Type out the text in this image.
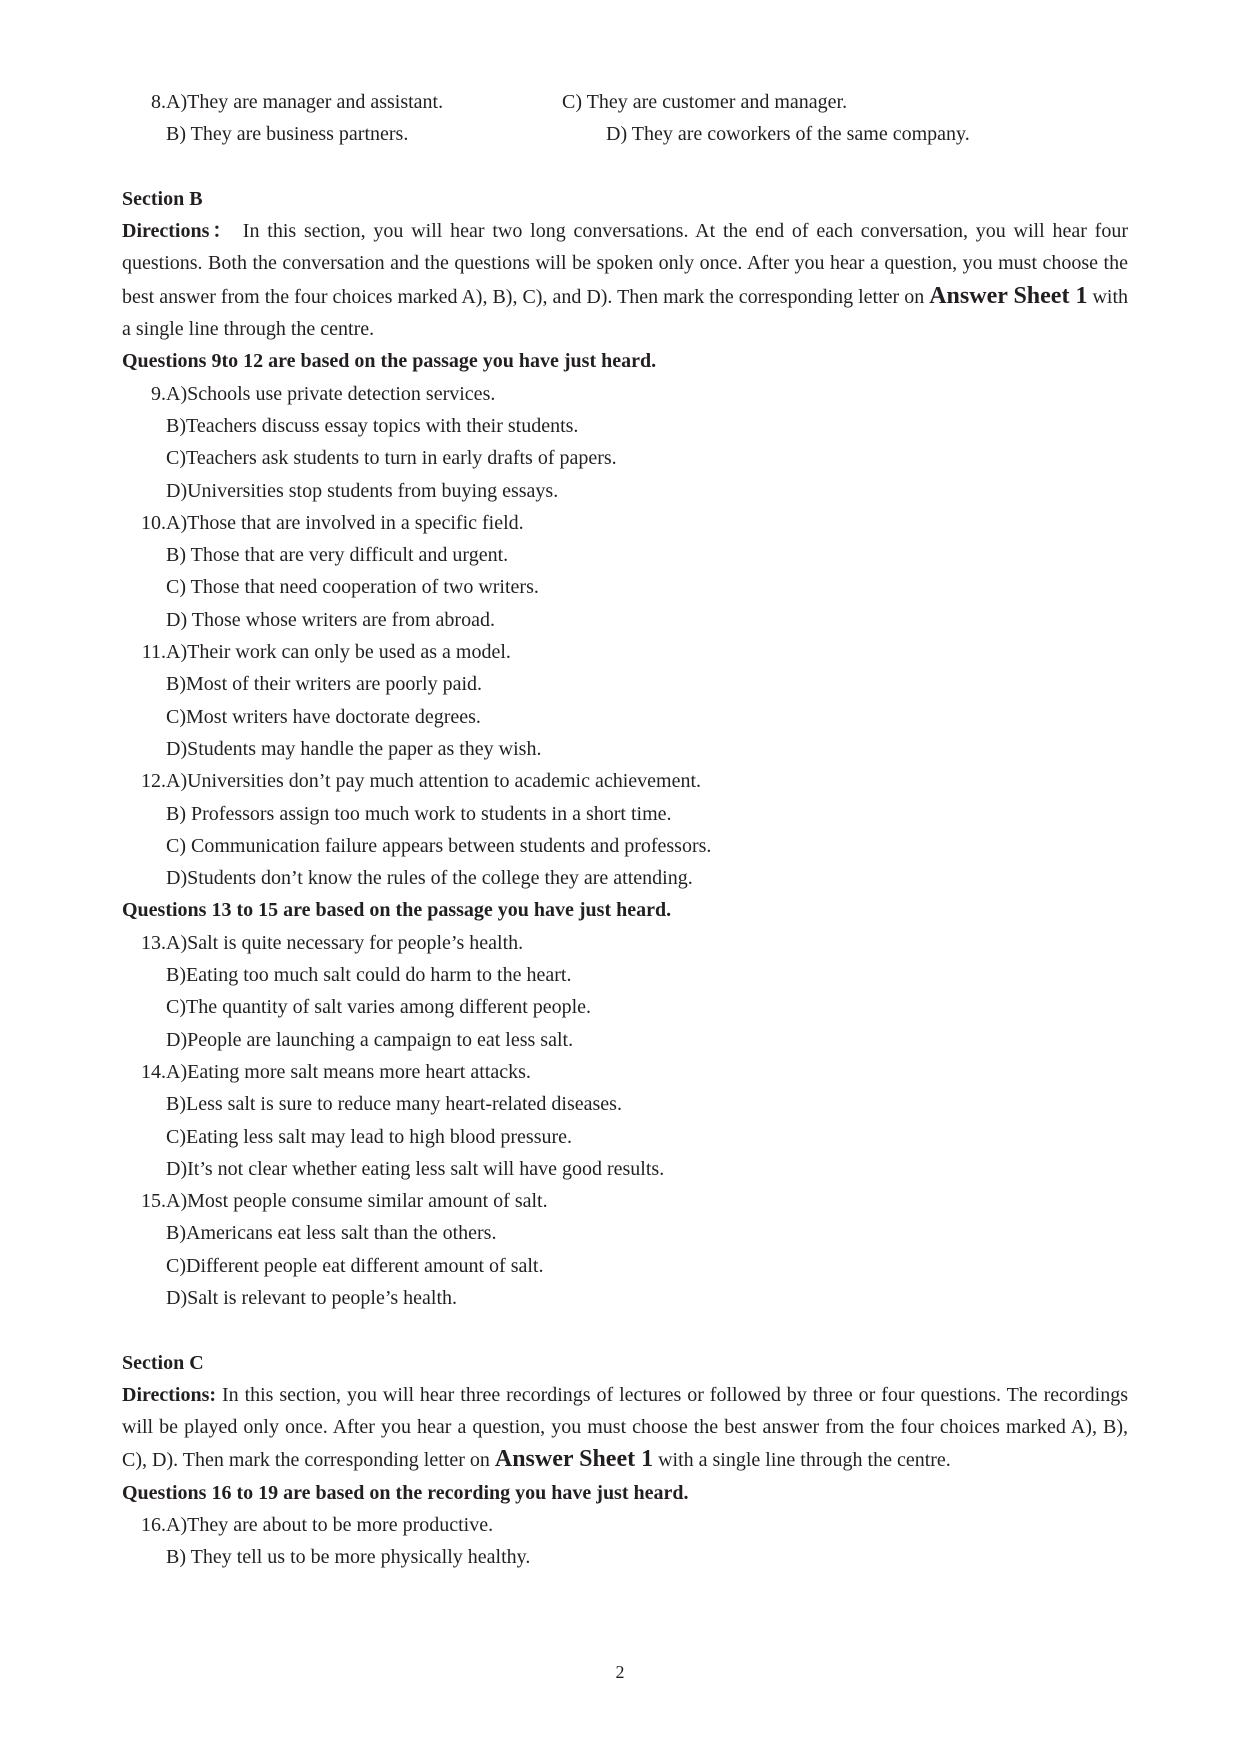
8.A)They are manager and assistant.	C) They are customer and manager.
B) They are business partners.	D) They are coworkers of the same company.
Section B
Directions： In this section, you will hear two long conversations. At the end of each conversation, you will hear four questions. Both the conversation and the questions will be spoken only once. After you hear a question, you must choose the best answer from the four choices marked A), B), C), and D). Then mark the corresponding letter on Answer Sheet 1 with a single line through the centre.
Questions 9to 12 are based on the passage you have just heard.
9.A)Schools use private detection services.
B)Teachers discuss essay topics with their students.
C)Teachers ask students to turn in early drafts of papers.
D)Universities stop students from buying essays.
10.A)Those that are involved in a specific field.
B) Those that are very difficult and urgent.
C) Those that need cooperation of two writers.
D) Those whose writers are from abroad.
11.A)Their work can only be used as a model.
B)Most of their writers are poorly paid.
C)Most writers have doctorate degrees.
D)Students may handle the paper as they wish.
12.A)Universities don’t pay much attention to academic achievement.
B) Professors assign too much work to students in a short time.
C) Communication failure appears between students and professors.
D)Students don’t know the rules of the college they are attending.
Questions 13 to 15 are based on the passage you have just heard.
13.A)Salt is quite necessary for people’s health.
B)Eating too much salt could do harm to the heart.
C)The quantity of salt varies among different people.
D)People are launching a campaign to eat less salt.
14.A)Eating more salt means more heart attacks.
B)Less salt is sure to reduce many heart-related diseases.
C)Eating less salt may lead to high blood pressure.
D)It’s not clear whether eating less salt will have good results.
15.A)Most people consume similar amount of salt.
B)Americans eat less salt than the others.
C)Different people eat different amount of salt.
D)Salt is relevant to people’s health.
Section C
Directions: In this section, you will hear three recordings of lectures or followed by three or four questions. The recordings will be played only once. After you hear a question, you must choose the best answer from the four choices marked A), B), C), D). Then mark the corresponding letter on Answer Sheet 1 with a single line through the centre.
Questions 16 to 19 are based on the recording you have just heard.
16.A)They are about to be more productive.
B) They tell us to be more physically healthy.
2
